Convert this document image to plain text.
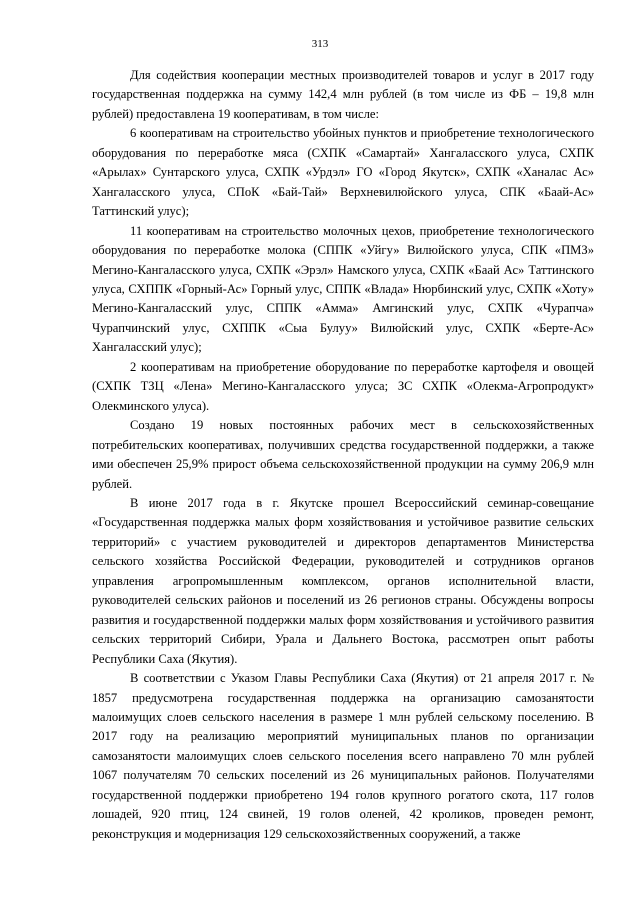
313

Для содействия кооперации местных производителей товаров и услуг в 2017 году государственная поддержка на сумму 142,4 млн рублей (в том числе из ФБ – 19,8 млн рублей) предоставлена 19 кооперативам, в том числе:

6 кооперативам на строительство убойных пунктов и приобретение технологического оборудования по переработке мяса (СХПК «Самартай» Хангаласского улуса, СХПК «Арылах» Сунтарского улуса, СХПК «Урдэл» ГО «Город Якутск», СХПК «Ханалас Ас» Хангаласского улуса, СПоК «Бай-Тай» Верхневилюйского улуса, СПК «Баай-Ас» Таттинский улус);

11 кооперативам на строительство молочных цехов, приобретение технологического оборудования по переработке молока (СППК «Уйгу» Вилюйского улуса, СПК «ПМЗ» Мегино-Кангаласского улуса, СХПК «Эрэл» Намского улуса, СХПК «Баай Ас» Таттинского улуса, СХППК «Горный-Ас» Горный улус, СППК «Влада» Нюрбинский улус, СХПК «Хоту» Мегино-Кангаласский улус, СППК «Амма» Амгинский улус, СХПК «Чурапча» Чурапчинский улус, СХППК «Сыа Булуу» Вилюйский улус, СХПК «Берте-Ас» Хангаласский улус);

2 кооперативам на приобретение оборудование по переработке картофеля и овощей (СХПК ТЗЦ «Лена» Мегино-Кангаласского улуса; ЗС СХПК «Олекма-Агропродукт» Олекминского улуса).

Создано 19 новых постоянных рабочих мест в сельскохозяйственных потребительских кооперативах, получивших средства государственной поддержки, а также ими обеспечен 25,9% прирост объема сельскохозяйственной продукции на сумму 206,9 млн рублей.

В июне 2017 года в г. Якутске прошел Всероссийский семинар-совещание «Государственная поддержка малых форм хозяйствования и устойчивое развитие сельских территорий» с участием руководителей и директоров департаментов Министерства сельского хозяйства Российской Федерации, руководителей и сотрудников органов управления агропромышленным комплексом, органов исполнительной власти, руководителей сельских районов и поселений из 26 регионов страны. Обсуждены вопросы развития и государственной поддержки малых форм хозяйствования и устойчивого развития сельских территорий Сибири, Урала и Дальнего Востока, рассмотрен опыт работы Республики Саха (Якутия).

В соответствии с Указом Главы Республики Саха (Якутия) от 21 апреля 2017 г. № 1857 предусмотрена государственная поддержка на организацию самозанятости малоимущих слоев сельского населения в размере 1 млн рублей сельскому поселению. В 2017 году на реализацию мероприятий муниципальных планов по организации самозанятости малоимущих слоев сельского поселения всего направлено 70 млн рублей 1067 получателям 70 сельских поселений из 26 муниципальных районов. Получателями государственной поддержки приобретено 194 голов крупного рогатого скота, 117 голов лошадей, 920 птиц, 124 свиней, 19 голов оленей, 42 кроликов, проведен ремонт, реконструкция и модернизация 129 сельскохозяйственных сооружений, а также
